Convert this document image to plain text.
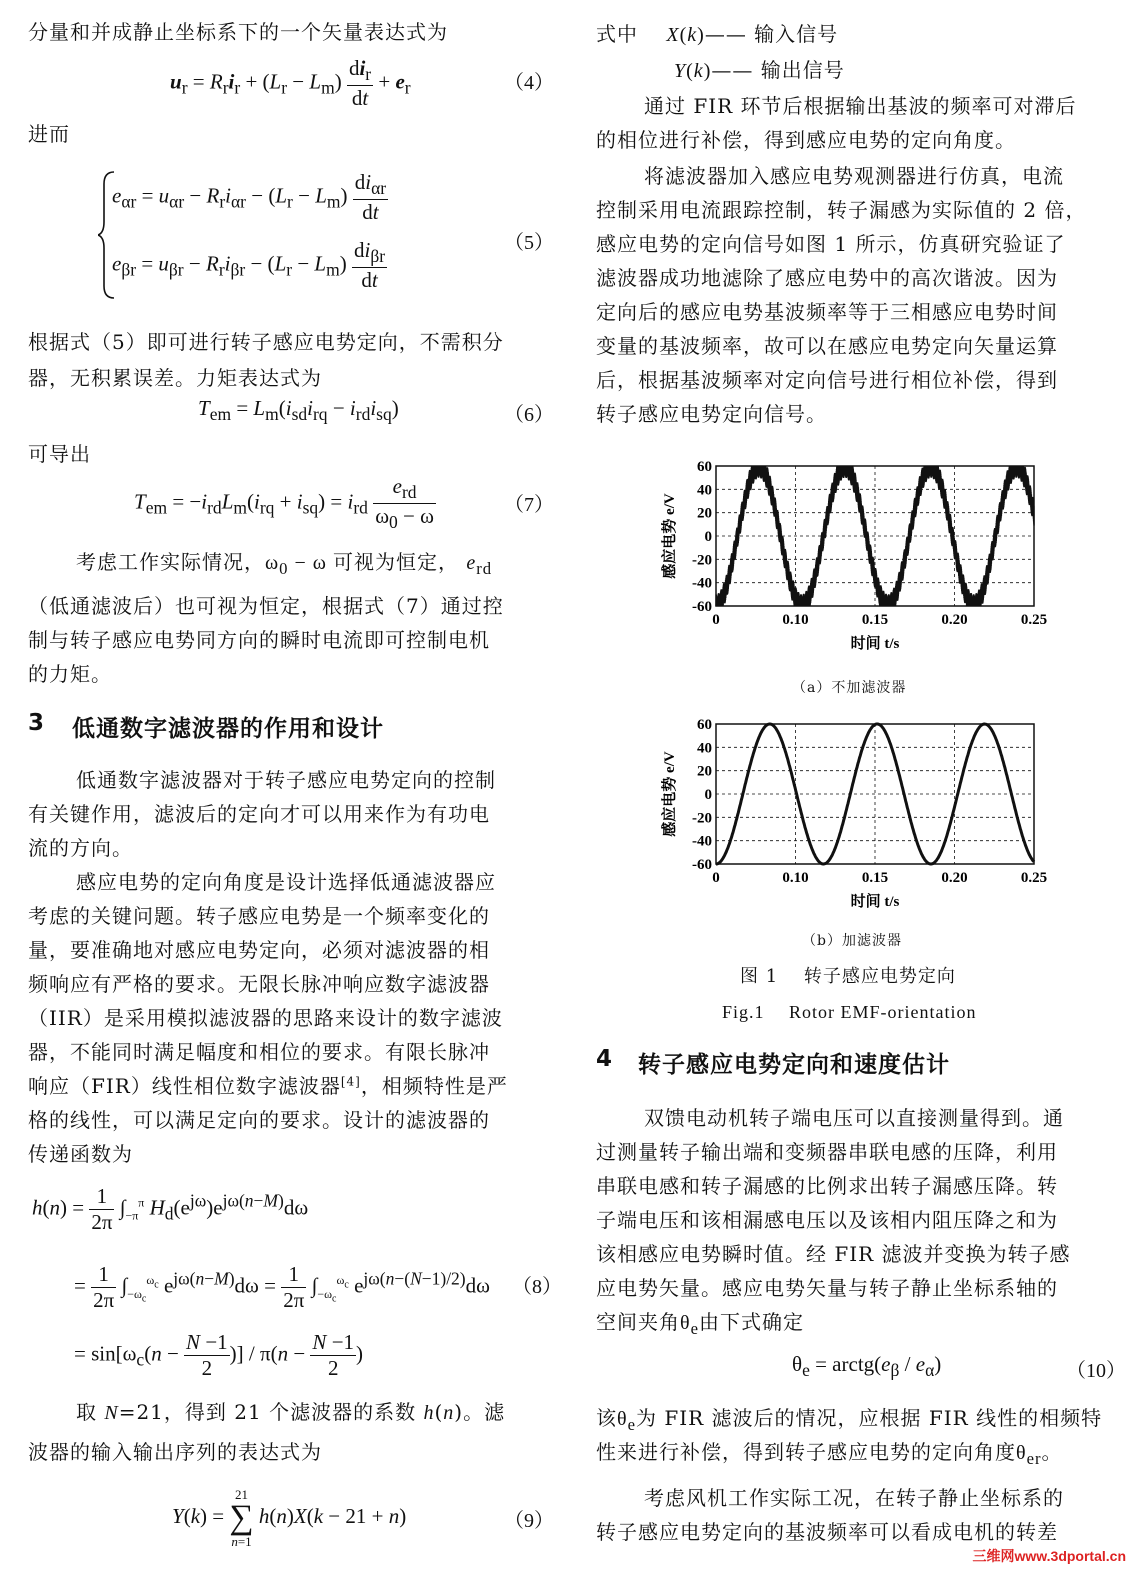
分量和并成静止坐标系下的一个矢量表达式为
$u_r = R_ri_r + (L_r - L_m) \frac{di_r}{dt} + e_r$	（4）
进而
$e_{\alpha r} = u_{\alpha r} - R_ri_{\alpha r} - (L_r - L_m) \frac{di_{\alpha r}}{dt}$
$e_{\beta r} = u_{\beta r} - R_ri_{\beta r} - (L_r - L_m) \frac{di_{\beta r}}{dt}$	（5）
根据式（5）即可进行转子感应电势定向，不需积分
器，无积累误差。力矩表达式为
$T_{em} = L_m(i_{sd}i_{rq} - i_{rd}i_{sq})$	（6）
可导出
$T_{em} = -i_{rd}L_m(i_{rq} + i_{sq}) = i_{rd} \frac{e_{rd}}{\omega_0 - \omega}$	（7）
考虑工作实际情况，$\omega_0 - \omega$ 可视为恒定， $e_{rd}$
（低通滤波后）也可视为恒定，根据式（7）通过控
制与转子感应电势同方向的瞬时电流即可控制电机
的力矩。
3 低通数字滤波器的作用和设计
低通数字滤波器对于转子感应电势定向的控制
有关键作用，滤波后的定向才可以用来作为有功电
流的方向。
感应电势的定向角度是设计选择低通滤波器应
考虑的关键问题。转子感应电势是一个频率变化的
量，要准确地对感应电势定向，必须对滤波器的相
频响应有严格的要求。无限长脉冲响应数字滤波器
（IIR）是采用模拟滤波器的思路来设计的数字滤波
器，不能同时满足幅度和相位的要求。有限长脉冲
响应（FIR）线性相位数字滤波器[4]，相频特性是严
格的线性，可以满足定向的要求。设计的滤波器的
传递函数为
$h(n) = \frac{1}{2\pi} \int_{-\pi}^\pi$ $H_d(e^{j\omega})e^{j\omega(n-M)}d\omega$
= $\frac{1}{2\pi} \int_{-\omega_c}^{\omega_c}$ $e^{j\omega(n-M)}d\omega = \frac{1}{2\pi} \int_{-\omega_c}^{\omega_c}$ $e^{j\omega(n-(N-1)/2)}d\omega$
= $\sin[\omega_c(n - \frac{N -1}{2}$ )] / $\pi(n - \frac{N -1}{2}$ )
（8）
取 N=21，得到 21 个滤波器的系数 h(n)。滤
波器的输入输出序列的表达式为
Y(k) =
21
∑
n=1
h(n)X(k − 21 + n)	（9）
式中　 X(k)—— 输入信号
Y(k)—— 输出信号
通过 FIR 环节后根据输出基波的频率可对滞后
的相位进行补偿，得到感应电势的定向角度。
将滤波器加入感应电势观测器进行仿真，电流
控制采用电流跟踪控制，转子漏感为实际值的 2 倍，
感应电势的定向信号如图 1 所示，仿真研究验证了
滤波器成功地滤除了感应电势中的高次谐波。因为
定向后的感应电势基波频率等于三相感应电势时间
变量的基波频率，故可以在感应电势定向矢量运算
后，根据基波频率对定向信号进行相位补偿，得到
转子感应电势定向信号。
感应电势 e/V
60
40
20
0
-20
-40
-60
0	0.10	0.15	0.20	0.25
时间 t/s
（a）不加滤波器
感应电势 e/V
60
40
20
0
-20
-40
-60
0	0.10	0.15	0.20	0.25
时间 t/s
（b）加滤波器
图 1　 转子感应电势定向
Fig.1　 Rotor EMF-orientation
4 转子感应电势定向和速度估计
双馈电动机转子端电压可以直接测量得到。通
过测量转子输出端和变频器串联电感的压降，利用
串联电感和转子漏感的比例求出转子漏感压降。转
子端电压和该相漏感电压以及该相内阻压降之和为
该相感应电势瞬时值。经 FIR 滤波并变换为转子感
应电势矢量。感应电势矢量与转子静止坐标系轴的
空间夹角$\theta_e$由下式确定
$\theta_e$ = $arctg(e_\beta / e_\alpha)$	（10）
该$\theta_e$为 FIR 滤波后的情况，应根据 FIR 线性的相频特
性来进行补偿，得到转子感应电势的定向角度$\theta_{er}$。
考虑风机工作实际工况，在转子静止坐标系的
转子感应电势定向的基波频率可以看成电机的转差
三维网www.3dportal.cn
